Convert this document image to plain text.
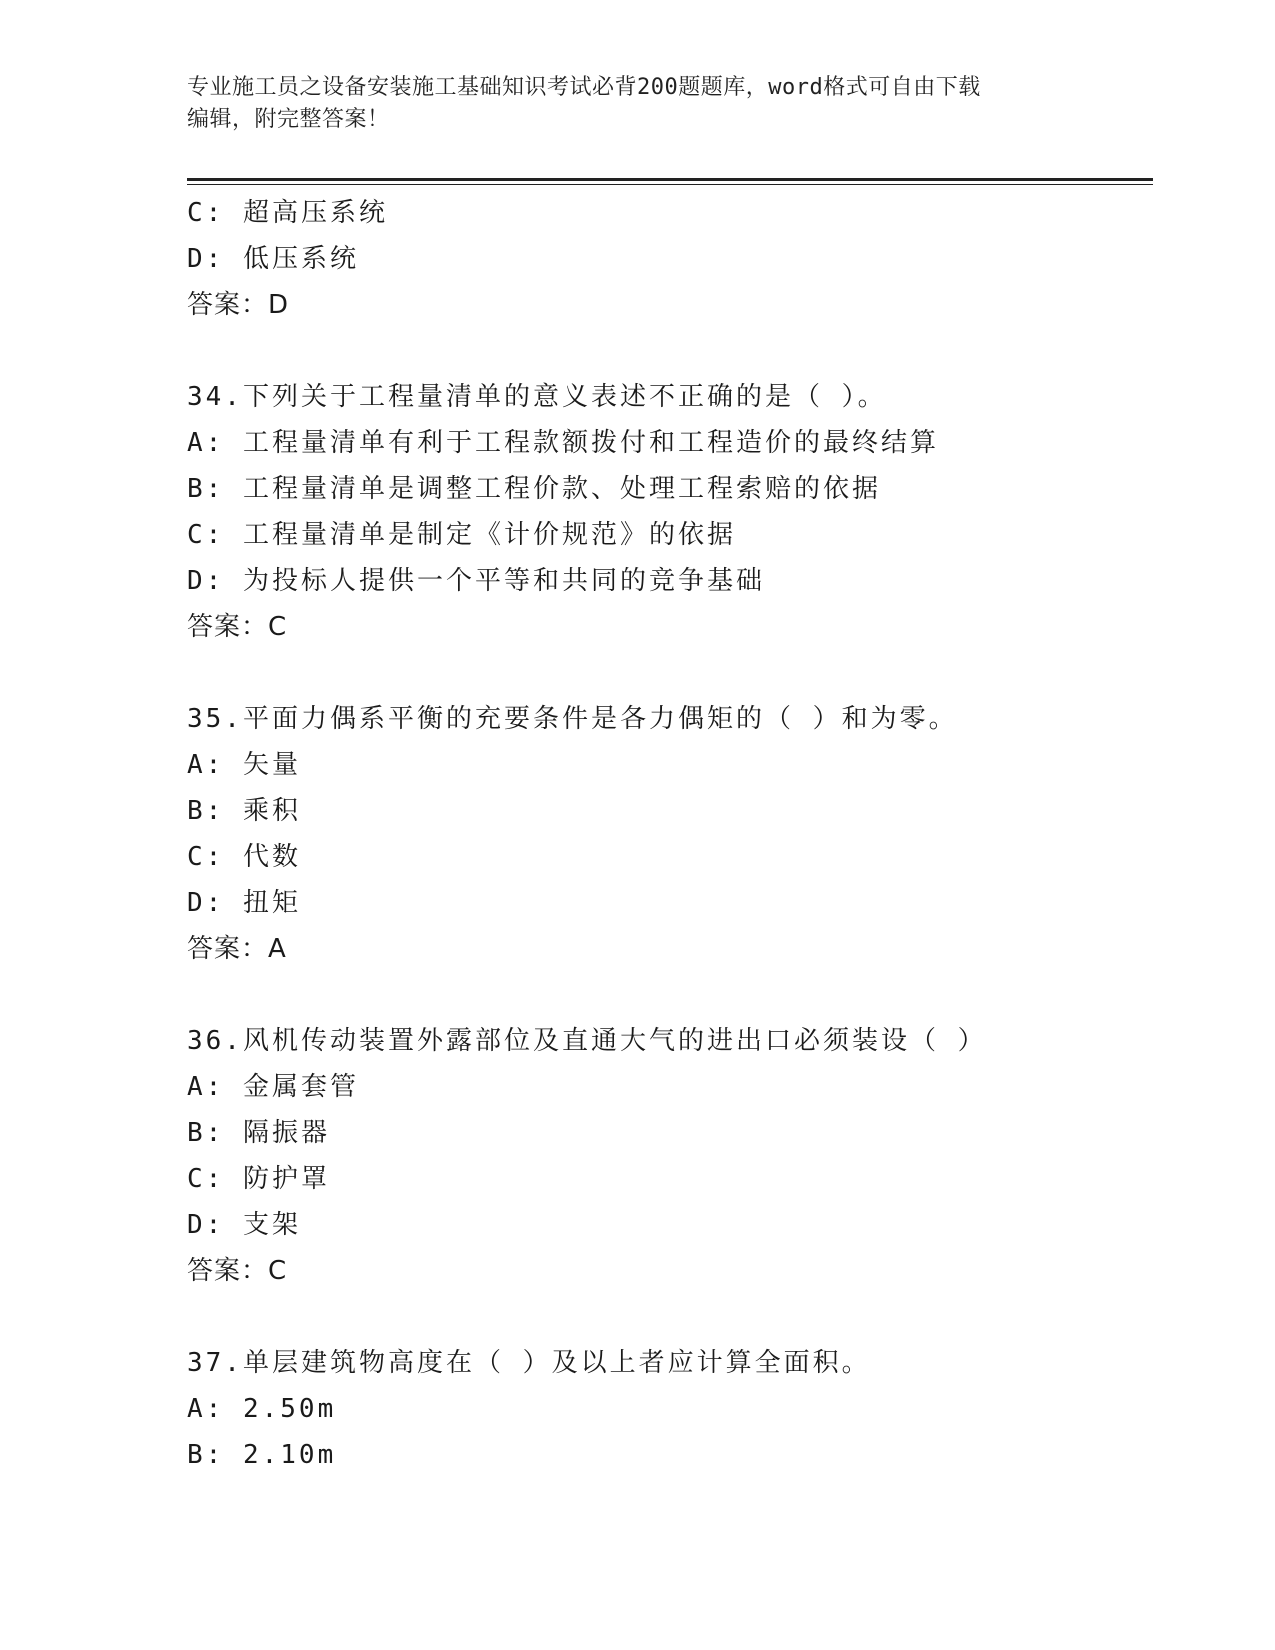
专业施工员之设备安装施工基础知识考试必背200题题库，word格式可自由下载
编辑，附完整答案！
C: 超高压系统
D: 低压系统
答案：D
34.下列关于工程量清单的意义表述不正确的是（ ）。
A: 工程量清单有利于工程款额拨付和工程造价的最终结算
B: 工程量清单是调整工程价款、处理工程索赔的依据
C: 工程量清单是制定《计价规范》的依据
D: 为投标人提供一个平等和共同的竞争基础
答案：C
35.平面力偶系平衡的充要条件是各力偶矩的（ ）和为零。
A: 矢量
B: 乘积
C: 代数
D: 扭矩
答案：A
36.风机传动装置外露部位及直通大气的进出口必须装设（ ）
A: 金属套管
B: 隔振器
C: 防护罩
D: 支架
答案：C
37.单层建筑物高度在（ ）及以上者应计算全面积。
A: 2.50m
B: 2.10m
